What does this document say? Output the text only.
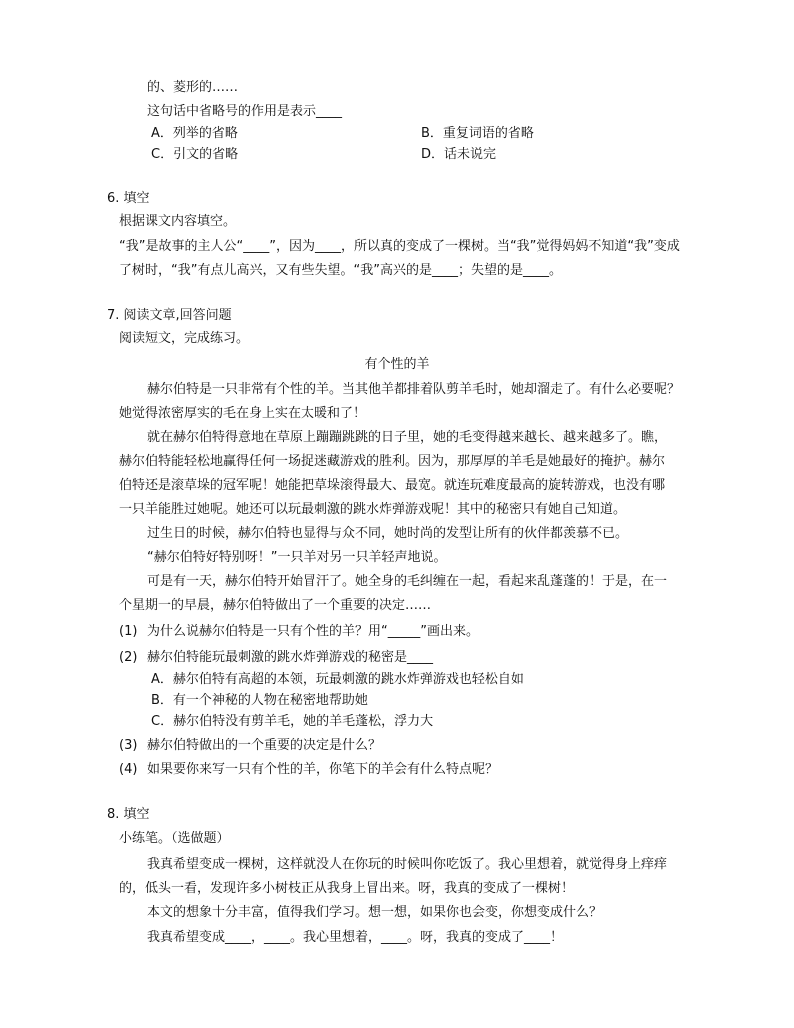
的、菱形的……
这句话中省略号的作用是表示____
A．列举的省略	B．重复词语的省略
C．引文的省略	D．话未说完
6. 填空
根据课文内容填空。
“我”是故事的主人公“____”，因为____，所以真的变成了一棵树。当“我”觉得妈妈不知道“我”变成
了树时，“我”有点儿高兴，又有些失望。“我”高兴的是____；失望的是____。
7. 阅读文章,回答问题
阅读短文，完成练习。
有个性的羊
赫尔伯特是一只非常有个性的羊。当其他羊都排着队剪羊毛时，她却溜走了。有什么必要呢？
她觉得浓密厚实的毛在身上实在太暖和了！
就在赫尔伯特得意地在草原上蹦蹦跳跳的日子里，她的毛变得越来越长、越来越多了。瞧，
赫尔伯特能轻松地赢得任何一场捉迷藏游戏的胜利。因为，那厚厚的羊毛是她最好的掩护。赫尔
伯特还是滚草垛的冠军呢！她能把草垛滚得最大、最宽。就连玩难度最高的旋转游戏，也没有哪
一只羊能胜过她呢。她还可以玩最刺激的跳水炸弹游戏呢！其中的秘密只有她自己知道。
过生日的时候，赫尔伯特也显得与众不同，她时尚的发型让所有的伙伴都羡慕不已。
“赫尔伯特好特别呀！”一只羊对另一只羊轻声地说。
可是有一天，赫尔伯特开始冒汗了。她全身的毛纠缠在一起，看起来乱蓬蓬的！于是，在一
个星期一的早晨，赫尔伯特做出了一个重要的决定……
(1) 为什么说赫尔伯特是一只有个性的羊？用“_____”画出来。
(2) 赫尔伯特能玩最刺激的跳水炸弹游戏的秘密是____
A．赫尔伯特有高超的本领，玩最刺激的跳水炸弹游戏也轻松自如
B．有一个神秘的人物在秘密地帮助她
C．赫尔伯特没有剪羊毛，她的羊毛蓬松，浮力大
(3) 赫尔伯特做出的一个重要的决定是什么？
(4) 如果要你来写一只有个性的羊，你笔下的羊会有什么特点呢？
8. 填空
小练笔。（选做题）
我真希望变成一棵树，这样就没人在你玩的时候叫你吃饭了。我心里想着，就觉得身上痒痒
的，低头一看，发现许多小树枝正从我身上冒出来。呀，我真的变成了一棵树！
本文的想象十分丰富，值得我们学习。想一想，如果你也会变，你想变成什么？
我真希望变成____，____。我心里想着，____。呀，我真的变成了____！
